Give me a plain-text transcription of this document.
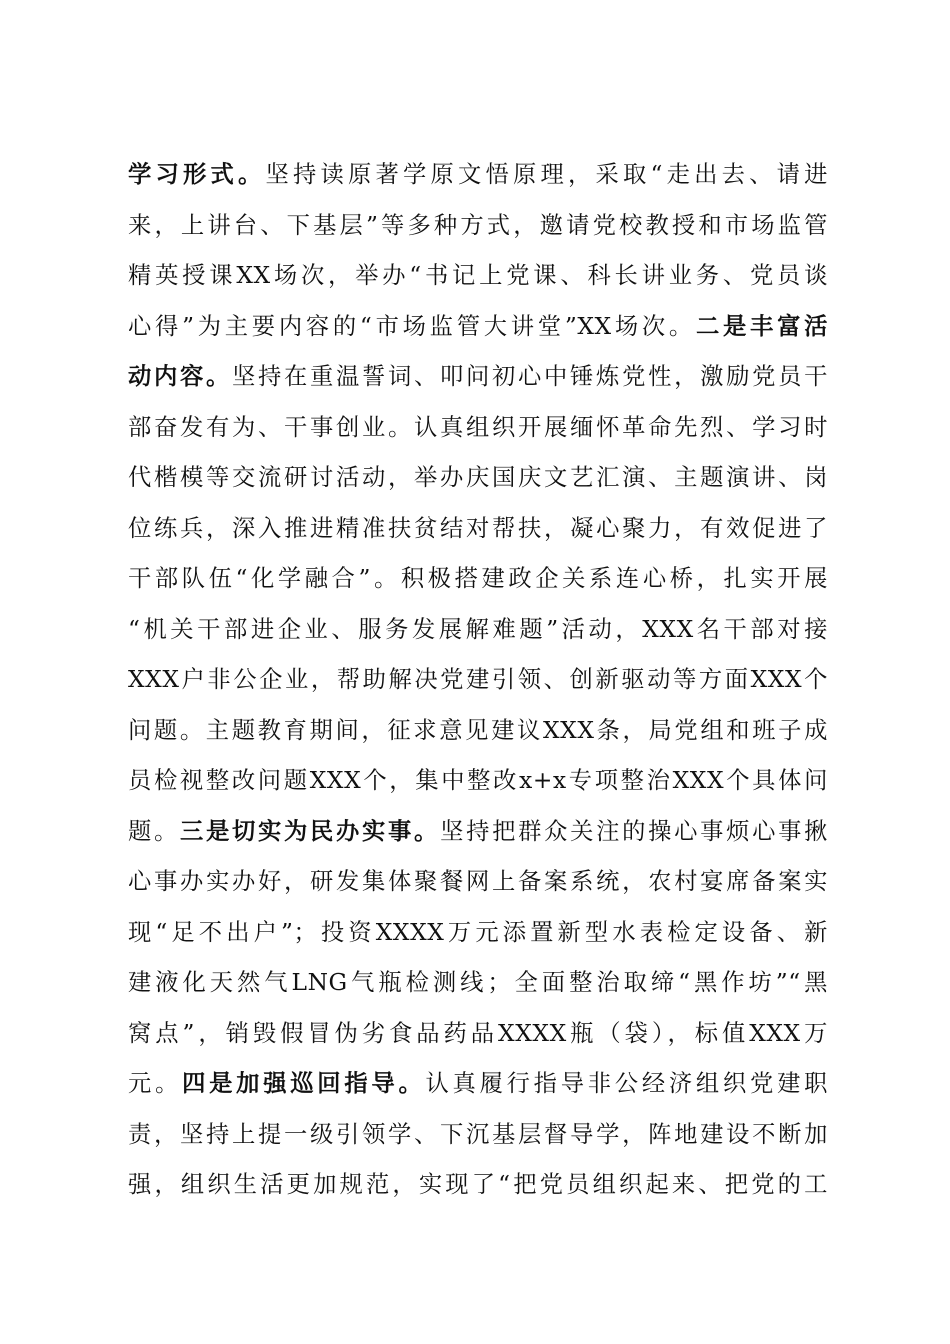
学习形式。坚持读原著学原文悟原理，采取“走出去、请进
来，上讲台、下基层”等多种方式，邀请党校教授和市场监管
精英授课XX场次，举办“书记上党课、科长讲业务、党员谈
心得”为主要内容的“市场监管大讲堂”XX场次。二是丰富活
动内容。坚持在重温誓词、叩问初心中锤炼党性，激励党员干
部奋发有为、干事创业。认真组织开展缅怀革命先烈、学习时
代楷模等交流研讨活动，举办庆国庆文艺汇演、主题演讲、岗
位练兵，深入推进精准扶贫结对帮扶，凝心聚力，有效促进了
干部队伍“化学融合”。积极搭建政企关系连心桥，扎实开展
“机关干部进企业、服务发展解难题”活动，XXX名干部对接
XXX户非公企业，帮助解决党建引领、创新驱动等方面XXX个
问题。主题教育期间，征求意见建议XXX条，局党组和班子成
员检视整改问题XXX个，集中整改x+x专项整治XXX个具体问
题。三是切实为民办实事。坚持把群众关注的操心事烦心事揪
心事办实办好，研发集体聚餐网上备案系统，农村宴席备案实
现“足不出户”；投资XXXX万元添置新型水表检定设备、新
建液化天然气LNG气瓶检测线；全面整治取缔“黑作坊”“黑
窝点”，销毁假冒伪劣食品药品XXXX瓶（袋），标值XXX万
元。四是加强巡回指导。认真履行指导非公经济组织党建职
责，坚持上提一级引领学、下沉基层督导学，阵地建设不断加
强，组织生活更加规范，实现了“把党员组织起来、把党的工
